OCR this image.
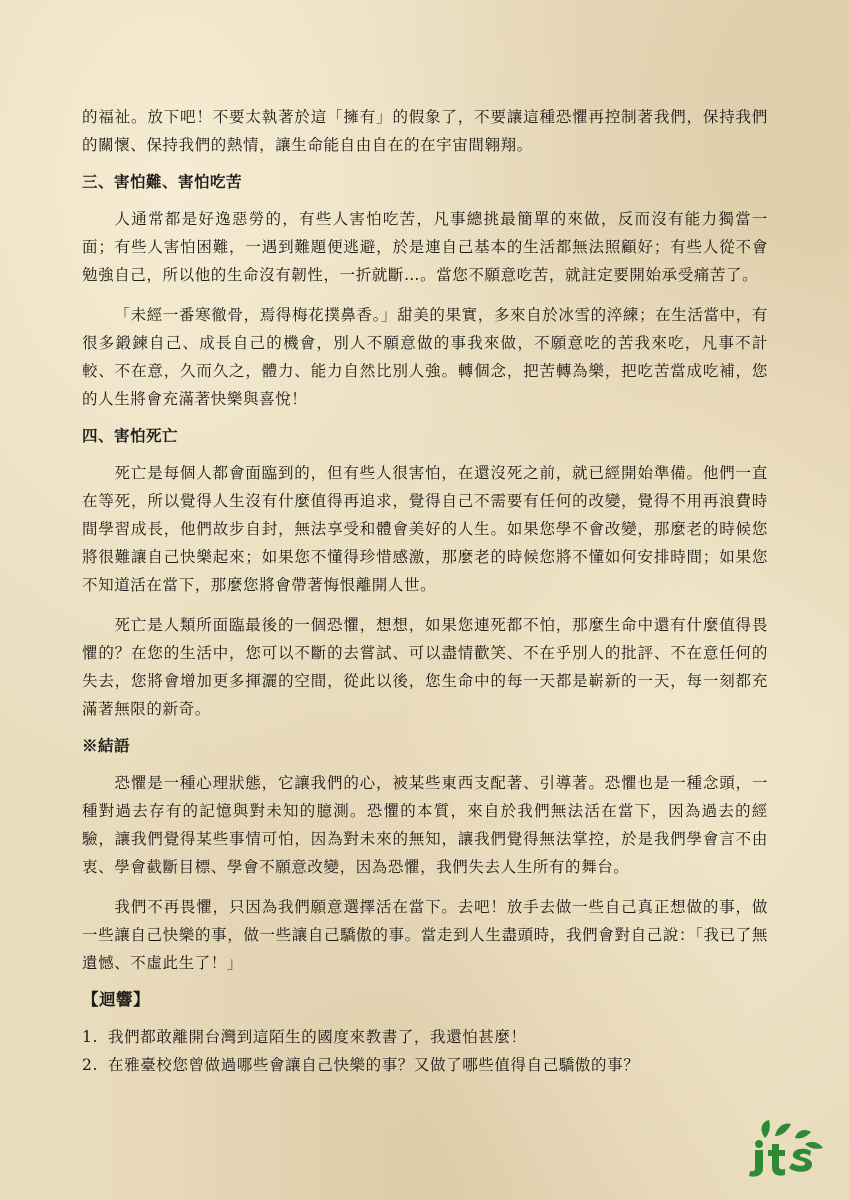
的福祉。放下吧！不要太執著於這「擁有」的假象了，不要讓這種恐懼再控制著我們，保持我們的關懷、保持我們的熱情，讓生命能自由自在的在宇宙間翱翔。

三、害怕難、害怕吃苦

人通常都是好逸惡勞的，有些人害怕吃苦，凡事總挑最簡單的來做，反而沒有能力獨當一面；有些人害怕困難，一遇到難題便逃避，於是連自己基本的生活都無法照顧好；有些人從不會勉強自己，所以他的生命沒有韌性，一折就斷…。當您不願意吃苦，就註定要開始承受痛苦了。

「未經一番寒徹骨，焉得梅花撲鼻香。」甜美的果實，多來自於冰雪的淬練；在生活當中，有很多鍛鍊自己、成長自己的機會，別人不願意做的事我來做，不願意吃的苦我來吃，凡事不計較、不在意，久而久之，體力、能力自然比別人強。轉個念，把苦轉為樂，把吃苦當成吃補，您的人生將會充滿著快樂與喜悅！

四、害怕死亡

死亡是每個人都會面臨到的，但有些人很害怕，在還沒死之前，就已經開始準備。他們一直在等死，所以覺得人生沒有什麼值得再追求，覺得自己不需要有任何的改變，覺得不用再浪費時間學習成長，他們故步自封，無法享受和體會美好的人生。如果您學不會改變，那麼老的時候您將很難讓自己快樂起來；如果您不懂得珍惜感激，那麼老的時候您將不懂如何安排時間；如果您不知道活在當下，那麼您將會帶著悔恨離開人世。

死亡是人類所面臨最後的一個恐懼，想想，如果您連死都不怕，那麼生命中還有什麼值得畏懼的？在您的生活中，您可以不斷的去嘗試、可以盡情歡笑、不在乎別人的批評、不在意任何的失去，您將會增加更多揮灑的空間，從此以後，您生命中的每一天都是嶄新的一天，每一刻都充滿著無限的新奇。

※結語

恐懼是一種心理狀態，它讓我們的心，被某些東西支配著、引導著。恐懼也是一種念頭，一種對過去存有的記憶與對未知的臆測。恐懼的本質，來自於我們無法活在當下，因為過去的經驗，讓我們覺得某些事情可怕，因為對未來的無知，讓我們覺得無法掌控，於是我們學會言不由衷、學會截斷目標、學會不願意改變，因為恐懼，我們失去人生所有的舞台。

我們不再畏懼，只因為我們願意選擇活在當下。去吧！放手去做一些自己真正想做的事，做一些讓自己快樂的事，做一些讓自己驕傲的事。當走到人生盡頭時，我們會對自己說：「我已了無遺憾、不虛此生了！」

【迴響】
1. 我們都敢離開台灣到這陌生的國度來教書了，我還怕甚麼！
2. 在雅臺校您曾做過哪些會讓自己快樂的事？又做了哪些值得自己驕傲的事？
